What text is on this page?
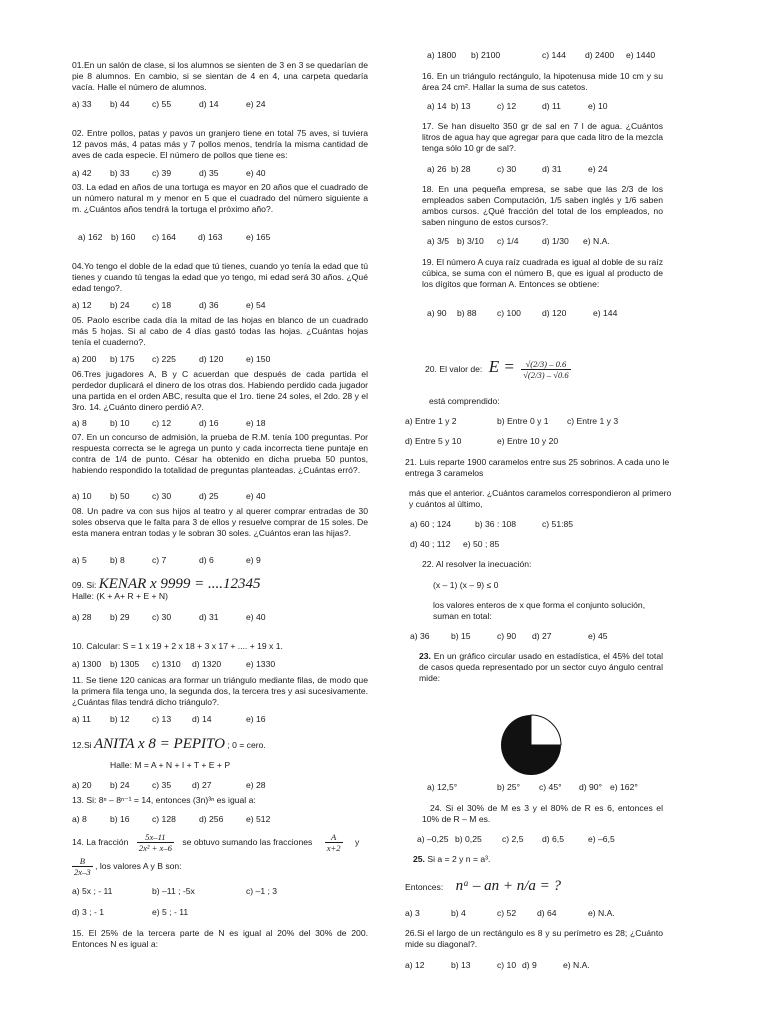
01.En un salón de clase, si los alumnos se sienten de 3 en 3 se quedarían de pie 8 alumnos. En cambio, si se sientan de 4 en 4, una carpeta quedaría vacía. Halle el número de alumnos.
a) 33 b) 44	c) 55	d) 14	e) 24
02. Entre pollos, patas y pavos un granjero tiene en total 75 aves, si tuviera 12 pavos más, 4 patas más y 7 pollos menos, tendría la misma cantidad de aves de cada especie. El número de pollos que tiene es:
a) 42 b) 33	c) 39	d) 35	e) 40
03. La edad en años de una tortuga es mayor en 20 años que el cuadrado de un número natural m y menor en 5 que el cuadrado del número siguiente a m. ¿Cuántos años tendrá la tortuga el próximo año?.
a) 162 b) 160 c) 164	d) 163	e) 165
04.Yo tengo el doble de la edad que tú tienes, cuando yo tenía la edad que tú tienes y cuando tú tengas la edad que yo tengo, mi edad será 30 años. ¿Qué edad tengo?.
a) 12 b) 24	c) 18	d) 36	e) 54
05. Paolo escribe cada día la mitad de las hojas en blanco de un cuadrado más 5 hojas. Si al cabo de 4 días gastó todas las hojas. ¿Cuántas hojas tenía el cuaderno?.
a) 200 b) 175 c) 225	d) 120	e) 150
06.Tres jugadores A, B y C acuerdan que después de cada partida el perdedor duplicará el dinero de los otras dos. Habiendo perdido cada jugador una partida en el orden ABC, resulta que el 1ro. tiene 24 soles, el 2do. 28 y el 3ro. 14. ¿Cuánto dinero perdió A?.
a) 8	b) 10	c) 12	d) 16	e) 18
07. En un concurso de admisión, la prueba de R.M. tenía 100 preguntas. Por respuesta correcta se le agrega un punto y cada incorrecta tiene puntaje en contra de 1/4 de punto. César ha obtenido en dicha prueba 50 puntos, habiendo respondido la totalidad de preguntas planteadas. ¿Cuántas erró?.
a) 10 b) 50	c) 30	d) 25	e) 40
08. Un padre va con sus hijos al teatro y al querer comprar entradas de 30 soles observa que le falta para 3 de ellos y resuelve comprar de 15 soles. De esta manera entran todas y le sobran 30 soles. ¿Cuántos eran las hijas?.
a) 5	b) 8	c) 7	d) 6	e) 9
09. Si: KENAR x 9999 = ....12345
Halle: (K + A+ R + E + N)
a) 28 b) 29	c) 30	d) 31	e) 40
10. Calcular: S = 1 x 19 + 2 x 18 + 3 x 17 + .... + 19 x 1.
a) 1300 b) 1305 c) 1310 d) 1320	e) 1330
11. Se tiene 120 canicas ara formar un triángulo mediante filas, de modo que la primera fila tenga uno, la segunda dos, la tercera tres y asi sucesivamente. ¿Cuántas filas tendrá dicho triángulo?.
a) 11 b) 12	c) 13 d) 14	e) 16
12.Si ANITA x 8 = PEPITO ; 0 = cero.
Halle: M = A + N + I + T + E + P
a) 20 b) 24	c) 35 d) 27	e) 28
13. Si: 8ⁿ – 8ⁿ⁻¹ = 14, entonces (3n)³ⁿ es igual a:
a) 8	b) 16	c) 128	d) 256	e) 512
14. La fracción $\frac{5x-11}{\text{2x² + x–6}}$ se obtuvo sumando las fracciones $\frac{A}{x+2}$ y
$\frac{B}{2x-3}$ , los valores A y B son:
a) 5x ; - 11	b) –11 ; -5x	c) –1 ; 3
d) 3 ; - 1	e) 5 ; - 11
15. El 25% de la tercera parte de N es igual al 20% del 30% de 200. Entonces N es igual a:
a) 1800 b) 2100	c) 144 d) 2400 e) 1440
16. En un triángulo rectángulo, la hipotenusa mide 10 cm y su área 24 cm². Hallar la suma de sus catetos.
a) 14 b) 13	c) 12	d) 11	e) 10
17. Se han disuelto 350 gr de sal en 7 l de agua. ¿Cuántos litros de agua hay que agregar para que cada litro de la mezcla tenga sólo 10 gr de sal?.
a) 26 b) 28	c) 30	d) 31	e) 24
18. En una pequeña empresa, se sabe que las 2/3 de los empleados saben Computación, 1/5 saben inglés y 1/6 saben ambos cursos. ¿Qué fracción del total de los empleados, no saben ninguno de estos cursos?.
a) 3/5 b) 3/10 c) 1/4	d) 1/30 e) N.A.
19. El número A cuya raíz cuadrada es igual al doble de su raíz cúbica, se suma con el número B, que es igual al producto de los dígitos que forman A. Entonces se obtiene:
a) 90 b) 88 c) 100 d) 120	e) 144
20. El valor de: $E = \frac{√(2/3) - 0.6}{√(2/3) - √0.6}$
está comprendido:
a) Entre 1 y 2	b) Entre 0 y 1 c) Entre 1 y 3
d) Entre 5 y 10	e) Entre 10 y 20
21. Luis reparte 1900 caramelos entre sus 25 sobrinos. A cada uno le entrega 3 caramelos
más que el anterior. ¿Cuántos caramelos correspondieron al primero y cuántos al último,
a) 60 ; 124	b) 36 : 108	c) 51:85
d) 40 ; 112 e) 50 ; 85
22. Al resolver la inecuación:
(x – 1) (x – 9) ≤ 0
los valores enteros de x que forma el conjunto solución, suman en total:
a) 36 b) 15	c) 90 d) 27	e) 45
23. En un gráfico circular usado en estadística, el 45% del total de casos queda representado por un sector cuyo ángulo central mide:
a) 12,5°	b) 25° c) 45° d) 90° e) 162°
24. Si el 30% de M es 3 y el 80% de R es 6, entonces el 10% de R – M es.
a) –0,25 b) 0,25 c) 2,5 d) 6,5	e) –6,5
25. Si a = 2 y n = a³.
Entonces: nᵃ – an + n/a = ?
a) 3	b) 4	c) 52 d) 64	e) N.A.
26.Si el largo de un rectángulo es 8 y su perímetro es 28; ¿Cuánto mide su diagonal?.
a) 12	b) 13	c) 10 d) 9	e) N.A.
